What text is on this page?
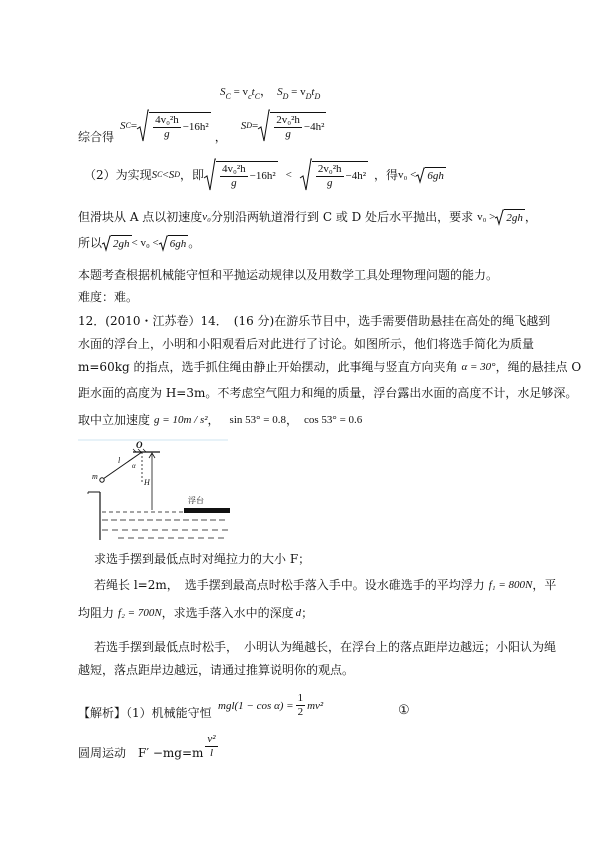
$S_C = v_ct_C$， $S_D = v_Dt_D$
综合得
S $C = \frac{\text{4v₀²h}}{g} -16h^2$
，
S $D = \frac{\text{2v₀²h}}{g} -4h^2$
（2）为实现 S C < S D ，即 $\frac{\text{4v₀²h}}{g} -16h^2 < \frac{\text{2v₀²h}}{g} -4h^2$ ，得 v₀ < 6gh
但滑块从 A 点以初速度 v₀ 分别沿两轨道滑行到 C 或 D 处后水平抛出，要求 v₀ > 2gh ，
所以 2gh < v₀ < 6gh 。
本题考查根据机械能守恒和平抛运动规律以及用数学工具处理物理问题的能力。
难度：难。
12．(2010・江苏卷）14．　(16 分)在游乐节目中，选手需要借助悬挂在高处的绳飞越到
水面的浮台上，小明和小阳观看后对此进行了讨论。如图所示，他们将选手简化为质量
m=60kg 的指点，选手抓住绳由静止开始摆动，此事绳与竖直方向夹角 α = 30° ，绳的悬挂点 O
距水面的高度为 H=3m。不考虑空气阻力和绳的质量，浮台露出水面的高度不计，水足够深。
取中立加速度 g = 10m / s² ， sin 53° = 0.8 ， cos 53° = 0.6
O
l
α
m
H
浮台
求选手摆到最低点时对绳拉力的大小 F；
若绳长 l=2m，　选手摆到最高点时松手落入手中。设水碓选手的平均浮力 f₁ = 800N ，平
均阻力 f₂ = 700N ，求选手落入水中的深度 d ；
若选手摆到最低点时松手，　小明认为绳越长，在浮台上的落点距岸边越远；小阳认为绳
越短，落点距岸边越远，请通过推算说明你的观点。
【解析】（1）机械能守恒
$mgl(1 - \cos \alpha) = \frac{1}{2} mv^2$	①
圆周运动　$F' -mg=m \frac{\text{v²}}{l}$
